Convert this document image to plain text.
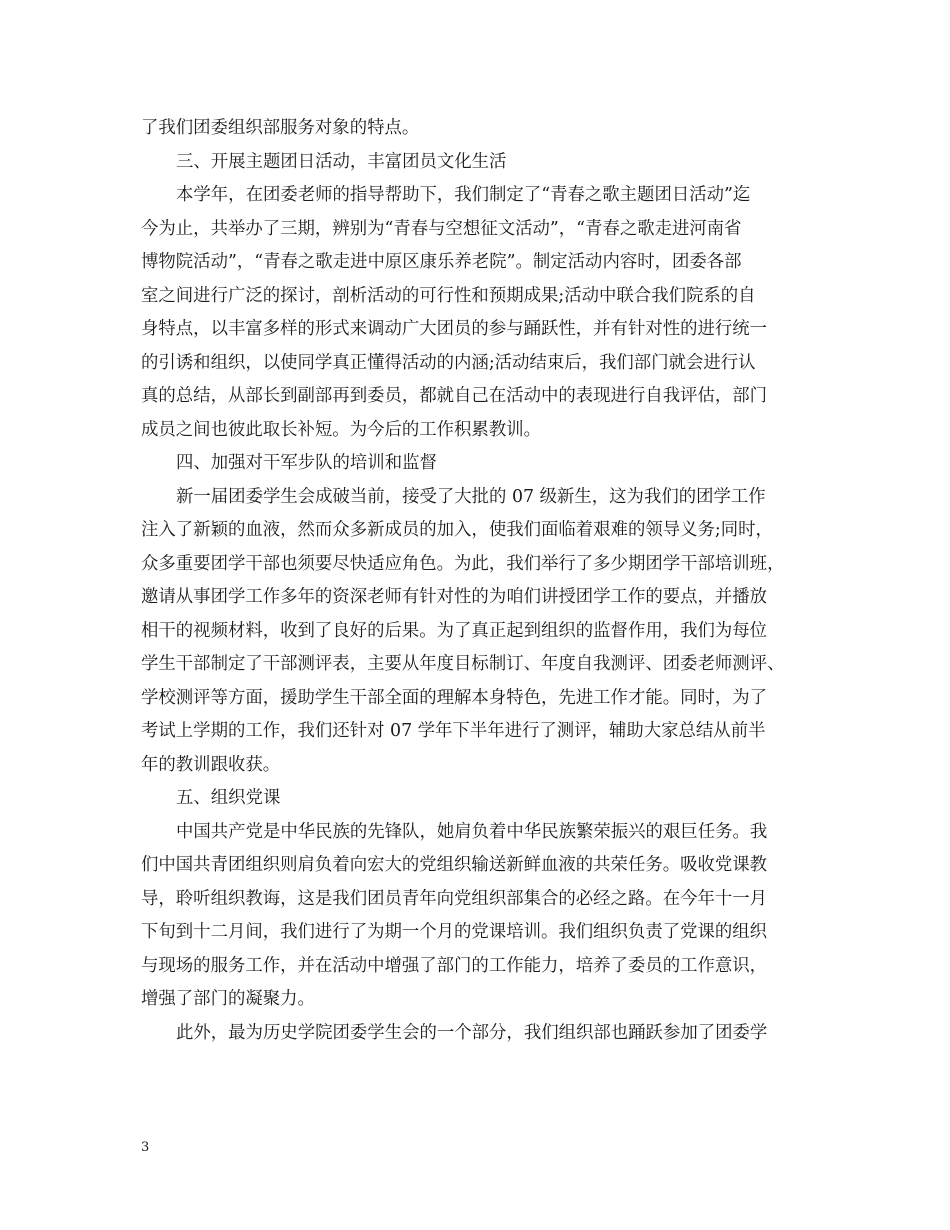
了我们团委组织部服务对象的特点。
三、开展主题团日活动，丰富团员文化生活
本学年，在团委老师的指导帮助下，我们制定了“青春之歌主题团日活动”迄
今为止，共举办了三期，辨别为“青春与空想征文活动”，“青春之歌走进河南省
博物院活动”，“青春之歌走进中原区康乐养老院”。制定活动内容时，团委各部
室之间进行广泛的探讨，剖析活动的可行性和预期成果;活动中联合我们院系的自
身特点，以丰富多样的形式来调动广大团员的参与踊跃性，并有针对性的进行统一
的引诱和组织，以使同学真正懂得活动的内涵;活动结束后，我们部门就会进行认
真的总结，从部长到副部再到委员，都就自己在活动中的表现进行自我评估，部门
成员之间也彼此取长补短。为今后的工作积累教训。
四、加强对干军步队的培训和监督
新一届团委学生会成破当前，接受了大批的 07 级新生，这为我们的团学工作
注入了新颖的血液，然而众多新成员的加入，使我们面临着艰难的领导义务;同时，
众多重要团学干部也须要尽快适应角色。为此，我们举行了多少期团学干部培训班，
邀请从事团学工作多年的资深老师有针对性的为咱们讲授团学工作的要点，并播放
相干的视频材料，收到了良好的后果。为了真正起到组织的监督作用，我们为每位
学生干部制定了干部测评表，主要从年度目标制订、年度自我测评、团委老师测评、
学校测评等方面，援助学生干部全面的理解本身特色，先进工作才能。同时，为了
考试上学期的工作，我们还针对 07 学年下半年进行了测评，辅助大家总结从前半
年的教训跟收获。
五、组织党课
中国共产党是中华民族的先锋队，她肩负着中华民族繁荣振兴的艰巨任务。我
们中国共青团组织则肩负着向宏大的党组织输送新鲜血液的共荣任务。吸收党课教
导，聆听组织教诲，这是我们团员青年向党组织部集合的必经之路。在今年十一月
下旬到十二月间，我们进行了为期一个月的党课培训。我们组织负责了党课的组织
与现场的服务工作，并在活动中增强了部门的工作能力，培养了委员的工作意识，
增强了部门的凝聚力。
此外，最为历史学院团委学生会的一个部分，我们组织部也踊跃参加了团委学
3
